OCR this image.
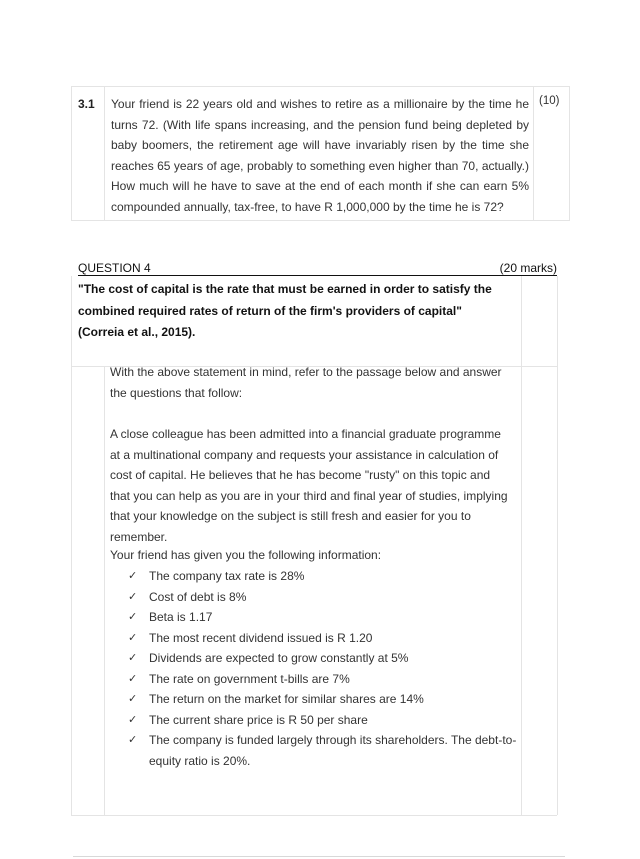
3.1 Your friend is 22 years old and wishes to retire as a millionaire by the time he turns 72. (With life spans increasing, and the pension fund being depleted by baby boomers, the retirement age will have invariably risen by the time she reaches 65 years of age, probably to something even higher than 70, actually.) How much will he have to save at the end of each month if she can earn 5% compounded annually, tax-free, to have R 1,000,000 by the time he is 72?
(10)
QUESTION 4	(20 marks)
"The cost of capital is the rate that must be earned in order to satisfy the combined required rates of return of the firm's providers of capital" (Correia et al., 2015).
With the above statement in mind, refer to the passage below and answer the questions that follow:
A close colleague has been admitted into a financial graduate programme at a multinational company and requests your assistance in calculation of cost of capital. He believes that he has become "rusty" on this topic and that you can help as you are in your third and final year of studies, implying that your knowledge on the subject is still fresh and easier for you to remember.
Your friend has given you the following information:
✓ The company tax rate is 28%
✓ Cost of debt is 8%
✓ Beta is 1.17
✓ The most recent dividend issued is R 1.20
✓ Dividends are expected to grow constantly at 5%
✓ The rate on government t-bills are 7%
✓ The return on the market for similar shares are 14%
✓ The current share price is R 50 per share
✓ The company is funded largely through its shareholders. The debt-to-equity ratio is 20%.
